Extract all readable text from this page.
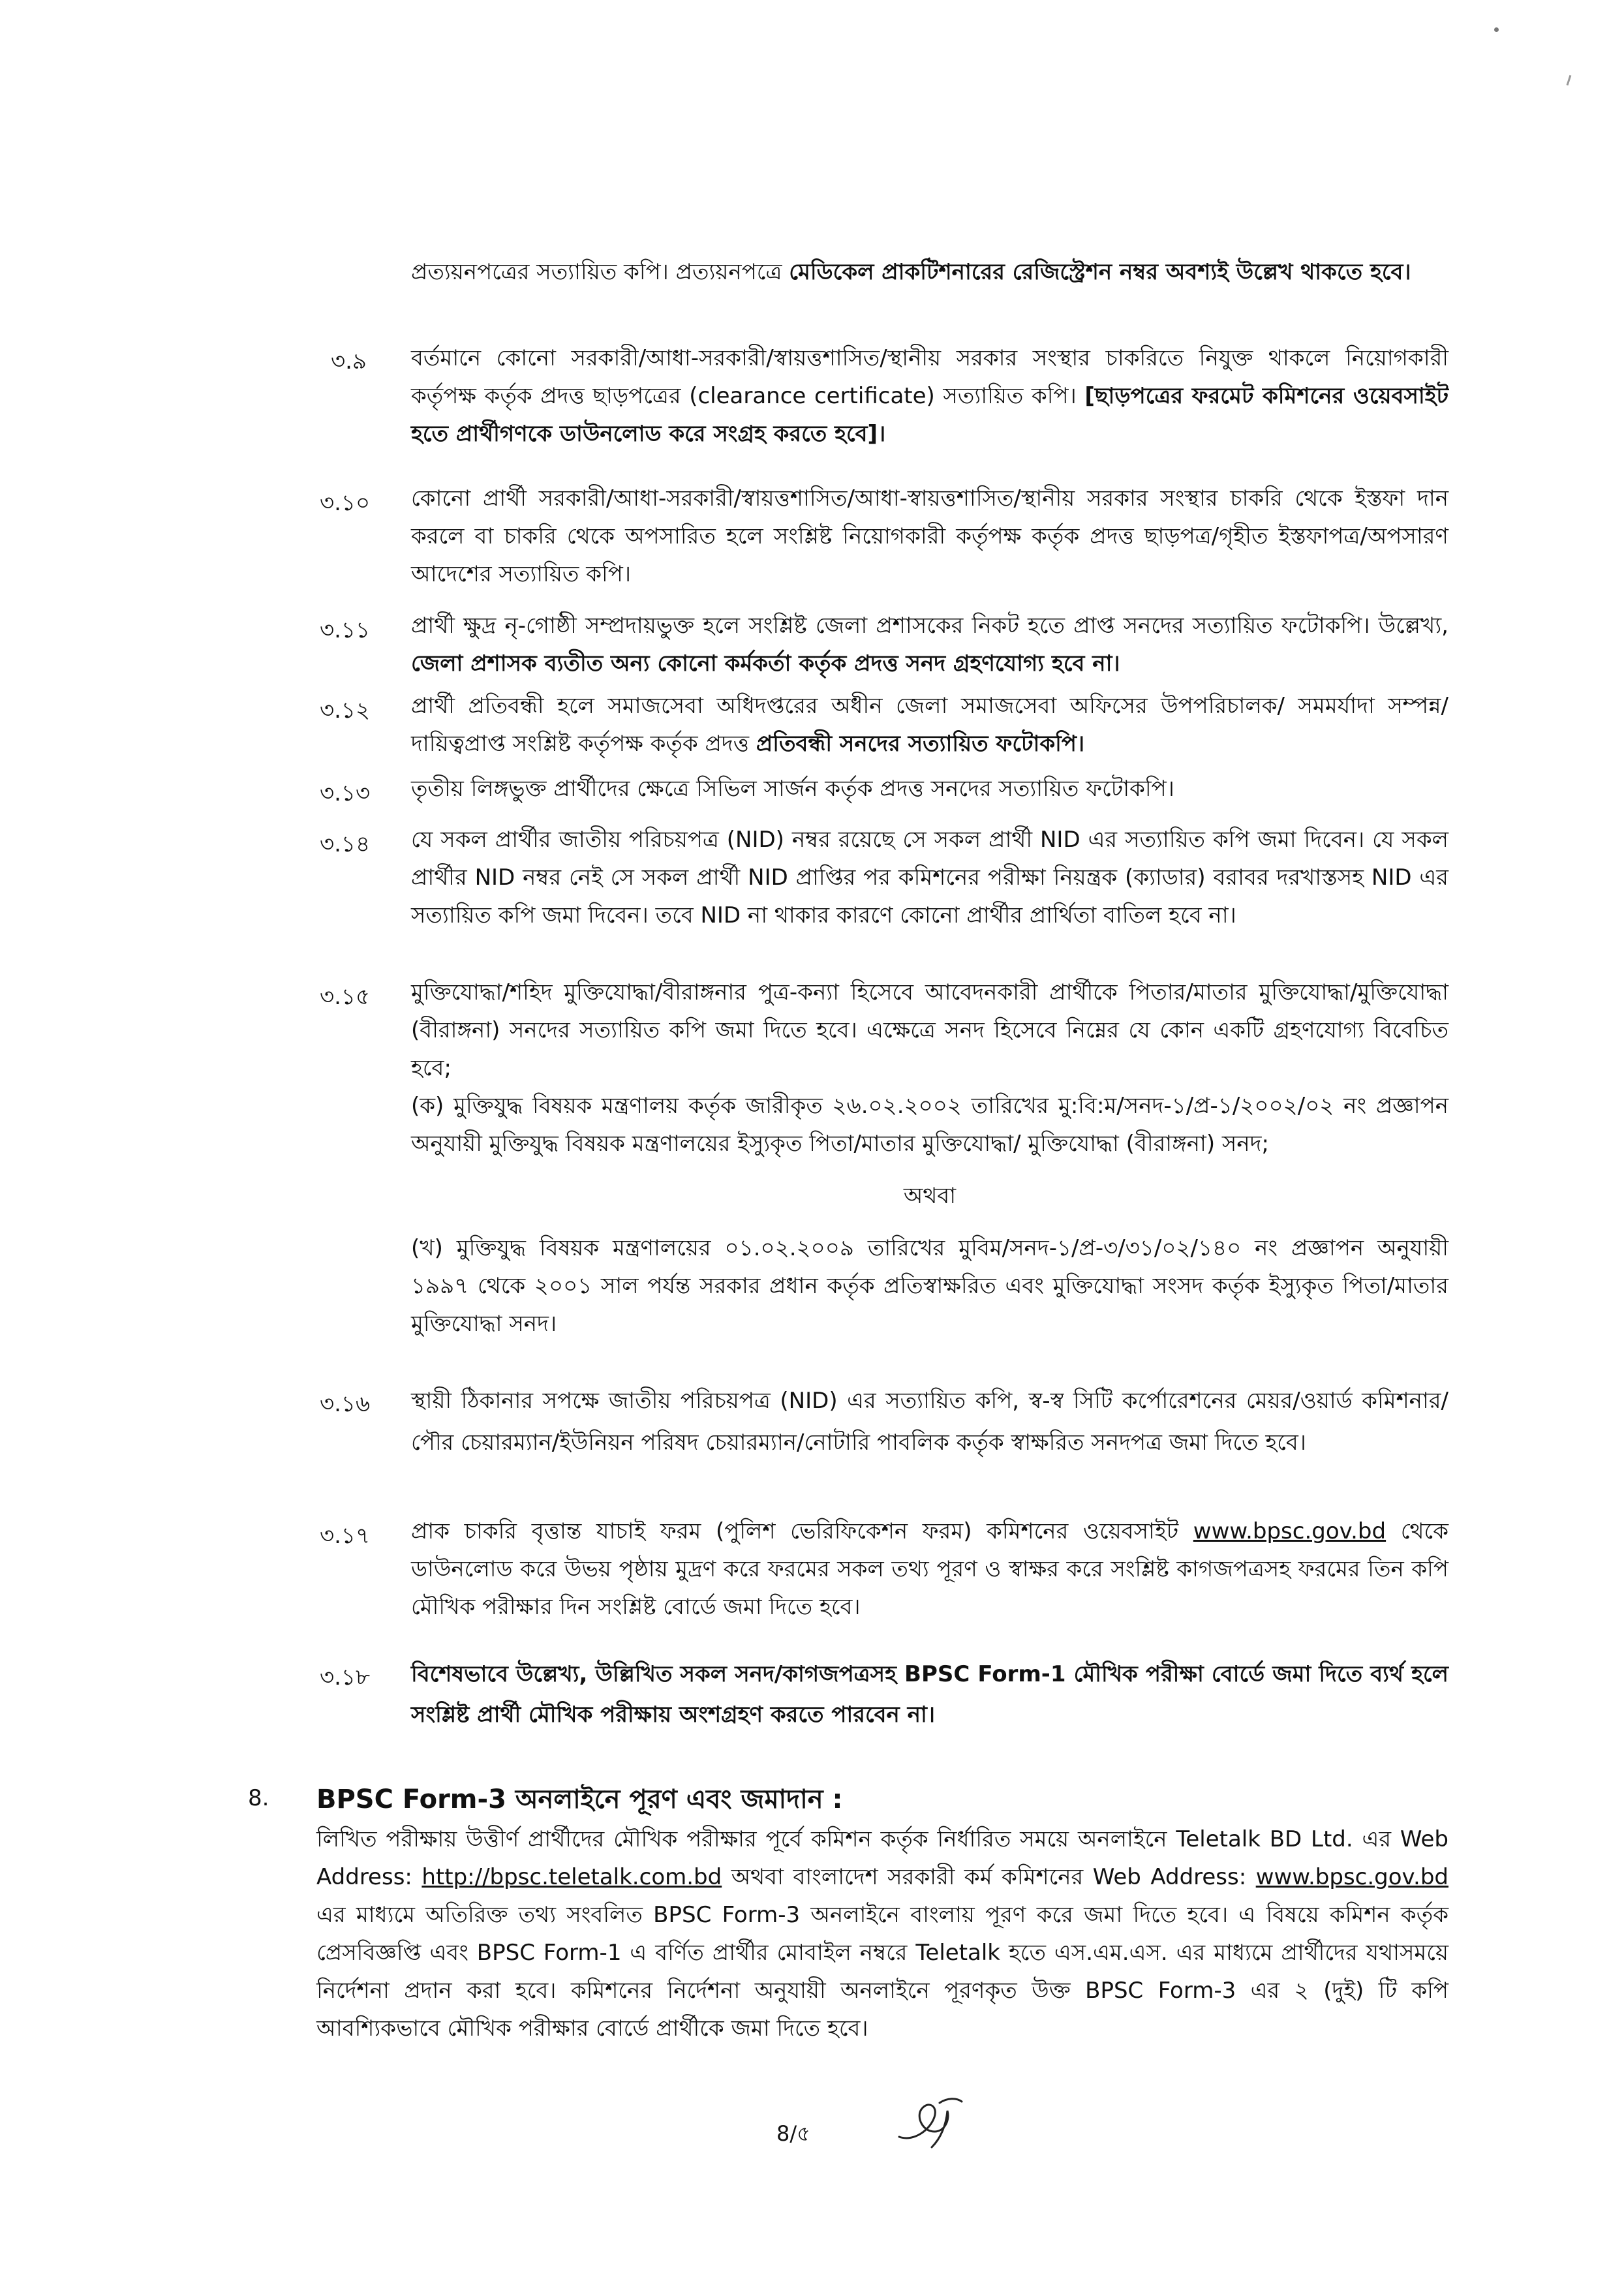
প্রত্যয়নপত্রের সত্যায়িত কপি। প্রত্যয়নপত্রে মেডিকেল প্রাকটিশনারের রেজিস্ট্রেশন নম্বর অবশ্যই উল্লেখ থাকতে হবে।
৩.৯ বর্তমানে কোনো সরকারী/আধা-সরকারী/স্বায়ত্তশাসিত/স্থানীয় সরকার সংস্থার চাকরিতে নিযুক্ত থাকলে নিয়োগকারী কর্তৃপক্ষ কর্তৃক প্রদত্ত ছাড়পত্রের (clearance certificate) সত্যায়িত কপি। [ছাড়পত্রের ফরমেট কমিশনের ওয়েবসাইট হতে প্রার্থীগণকে ডাউনলোড করে সংগ্রহ করতে হবে]।
৩.১০ কোনো প্রার্থী সরকারী/আধা-সরকারী/স্বায়ত্তশাসিত/আধা-স্বায়ত্তশাসিত/স্থানীয় সরকার সংস্থার চাকরি থেকে ইস্তফা দান করলে বা চাকরি থেকে অপসারিত হলে সংশ্লিষ্ট নিয়োগকারী কর্তৃপক্ষ কর্তৃক প্রদত্ত ছাড়পত্র/গৃহীত ইস্তফাপত্র/অপসারণ আদেশের সত্যায়িত কপি।
৩.১১ প্রার্থী ক্ষুদ্র নৃ-গোষ্ঠী সম্প্রদায়ভুক্ত হলে সংশ্লিষ্ট জেলা প্রশাসকের নিকট হতে প্রাপ্ত সনদের সত্যায়িত ফটোকপি। উল্লেখ্য, জেলা প্রশাসক ব্যতীত অন্য কোনো কর্মকর্তা কর্তৃক প্রদত্ত সনদ গ্রহণযোগ্য হবে না।
৩.১২ প্রার্থী প্রতিবন্ধী হলে সমাজসেবা অধিদপ্তরের অধীন জেলা সমাজসেবা অফিসের উপপরিচালক/ সমমর্যাদা সম্পন্ন/দায়িত্বপ্রাপ্ত সংশ্লিষ্ট কর্তৃপক্ষ কর্তৃক প্রদত্ত প্রতিবন্ধী সনদের সত্যায়িত ফটোকপি।
৩.১৩ তৃতীয় লিঙ্গভুক্ত প্রার্থীদের ক্ষেত্রে সিভিল সার্জন কর্তৃক প্রদত্ত সনদের সত্যায়িত ফটোকপি।
৩.১৪ যে সকল প্রার্থীর জাতীয় পরিচয়পত্র (NID) নম্বর রয়েছে সে সকল প্রার্থী NID এর সত্যায়িত কপি জমা দিবেন। যে সকল প্রার্থীর NID নম্বর নেই সে সকল প্রার্থী NID প্রাপ্তির পর কমিশনের পরীক্ষা নিয়ন্ত্রক (ক্যাডার) বরাবর দরখাস্তসহ NID এর সত্যায়িত কপি জমা দিবেন। তবে NID না থাকার কারণে কোনো প্রার্থীর প্রার্থিতা বাতিল হবে না।
৩.১৫ মুক্তিযোদ্ধা/শহিদ মুক্তিযোদ্ধা/বীরাঙ্গনার পুত্র-কন্যা হিসেবে আবেদনকারী প্রার্থীকে পিতার/মাতার মুক্তিযোদ্ধা/মুক্তিযোদ্ধা (বীরাঙ্গনা) সনদের সত্যায়িত কপি জমা দিতে হবে। এক্ষেত্রে সনদ হিসেবে নিম্নের যে কোন একটি গ্রহণযোগ্য বিবেচিত হবে;
(ক) মুক্তিযুদ্ধ বিষয়ক মন্ত্রণালয় কর্তৃক জারীকৃত ২৬.০২.২০০২ তারিখের মু:বি:ম/সনদ-১/প্র-১/২০০২/০২ নং প্রজ্ঞাপন অনুযায়ী মুক্তিযুদ্ধ বিষয়ক মন্ত্রণালয়ের ইস্যুকৃত পিতা/মাতার মুক্তিযোদ্ধা/ মুক্তিযোদ্ধা (বীরাঙ্গনা) সনদ;
অথবা
(খ) মুক্তিযুদ্ধ বিষয়ক মন্ত্রণালয়ের ০১.০২.২০০৯ তারিখের মুবিম/সনদ-১/প্র-৩/৩১/০২/১৪০ নং প্রজ্ঞাপন অনুযায়ী ১৯৯৭ থেকে ২০০১ সাল পর্যন্ত সরকার প্রধান কর্তৃক প্রতিস্বাক্ষরিত এবং মুক্তিযোদ্ধা সংসদ কর্তৃক ইস্যুকৃত পিতা/মাতার মুক্তিযোদ্ধা সনদ।
৩.১৬ স্থায়ী ঠিকানার সপক্ষে জাতীয় পরিচয়পত্র (NID) এর সত্যায়িত কপি, স্ব-স্ব সিটি কর্পোরেশনের মেয়র/ওয়ার্ড কমিশনার/পৌর চেয়ারম্যান/ইউনিয়ন পরিষদ চেয়ারম্যান/নোটারি পাবলিক কর্তৃক স্বাক্ষরিত সনদপত্র জমা দিতে হবে।
৩.১৭ প্রাক চাকরি বৃত্তান্ত যাচাই ফরম (পুলিশ ভেরিফিকেশন ফরম) কমিশনের ওয়েবসাইট www.bpsc.gov.bd থেকে ডাউনলোড করে উভয় পৃষ্ঠায় মুদ্রণ করে ফরমের সকল তথ্য পূরণ ও স্বাক্ষর করে সংশ্লিষ্ট কাগজপত্রসহ ফরমের তিন কপি মৌখিক পরীক্ষার দিন সংশ্লিষ্ট বোর্ডে জমা দিতে হবে।
৩.১৮ বিশেষভাবে উল্লেখ্য, উল্লিখিত সকল সনদ/কাগজপত্রসহ BPSC Form-1 মৌখিক পরীক্ষা বোর্ডে জমা দিতে ব্যর্থ হলে সংশ্লিষ্ট প্রার্থী মৌখিক পরীক্ষায় অংশগ্রহণ করতে পারবেন না।
8. BPSC Form-3 অনলাইনে পূরণ এবং জমাদান :
লিখিত পরীক্ষায় উত্তীর্ণ প্রার্থীদের মৌখিক পরীক্ষার পূর্বে কমিশন কর্তৃক নির্ধারিত সময়ে অনলাইনে Teletalk BD Ltd. এর Web Address: http://bpsc.teletalk.com.bd অথবা বাংলাদেশ সরকারী কর্ম কমিশনের Web Address: www.bpsc.gov.bd এর মাধ্যমে অতিরিক্ত তথ্য সংবলিত BPSC Form-3 অনলাইনে বাংলায় পূরণ করে জমা দিতে হবে। এ বিষয়ে কমিশন কর্তৃক প্রেসবিজ্ঞপ্তি এবং BPSC Form-1 এ বর্ণিত প্রার্থীর মোবাইল নম্বরে Teletalk হতে এস.এম.এস. এর মাধ্যমে প্রার্থীদের যথাসময়ে নির্দেশনা প্রদান করা হবে। কমিশনের নির্দেশনা অনুযায়ী অনলাইনে পূরণকৃত উক্ত BPSC Form-3 এর ২ (দুই) টি কপি আবশ্যিকভাবে মৌখিক পরীক্ষার বোর্ডে প্রার্থীকে জমা দিতে হবে।
8/৫
